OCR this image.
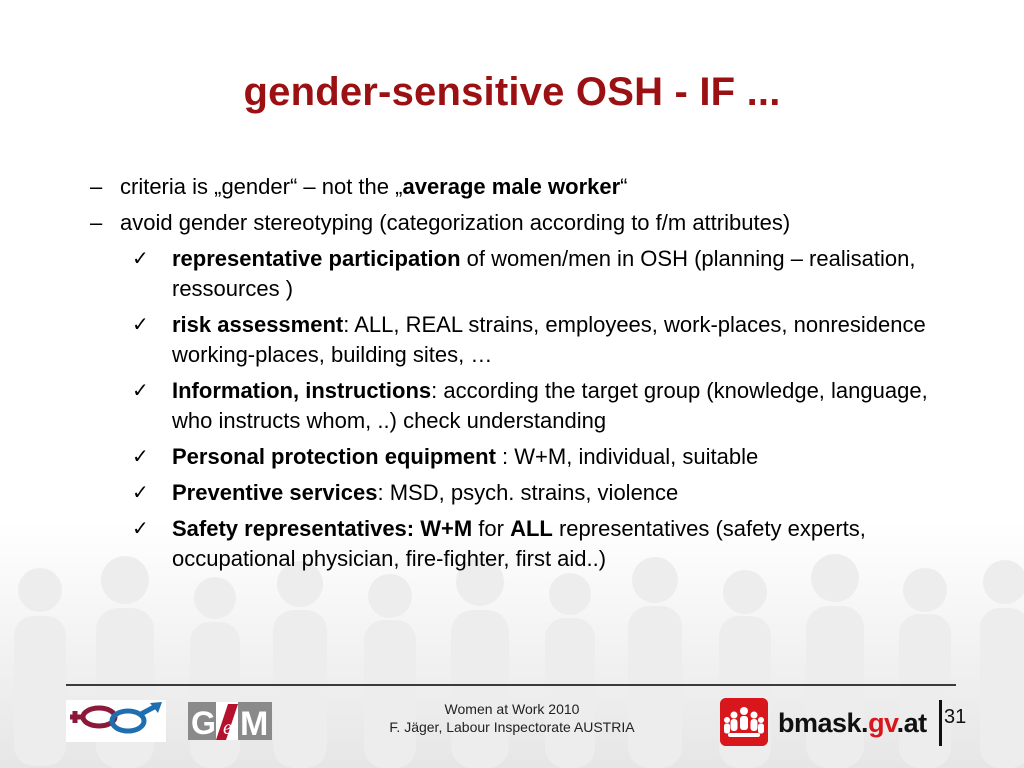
gender-sensitive OSH - IF ...
– criteria is „gender“ – not the „average male worker“
– avoid gender stereotyping (categorization according to f/m attributes)
✓ representative participation of women/men in OSH (planning – realisation, ressources )
✓ risk assessment: ALL, REAL strains, employees, work-places, nonresidence working-places, building sites, …
✓ Information, instructions: according the target group (knowledge, language, who instructs whom, ..) check understanding
✓ Personal protection equipment : W+M, individual, suitable
✓ Preventive services: MSD, psych. strains, violence
✓ Safety representatives: W+M for ALL representatives (safety experts, occupational physician, fire-fighter, first aid..)
G e M	Women at Work 2010
F. Jäger, Labour Inspectorate AUSTRIA	bmask.gv.at 31
